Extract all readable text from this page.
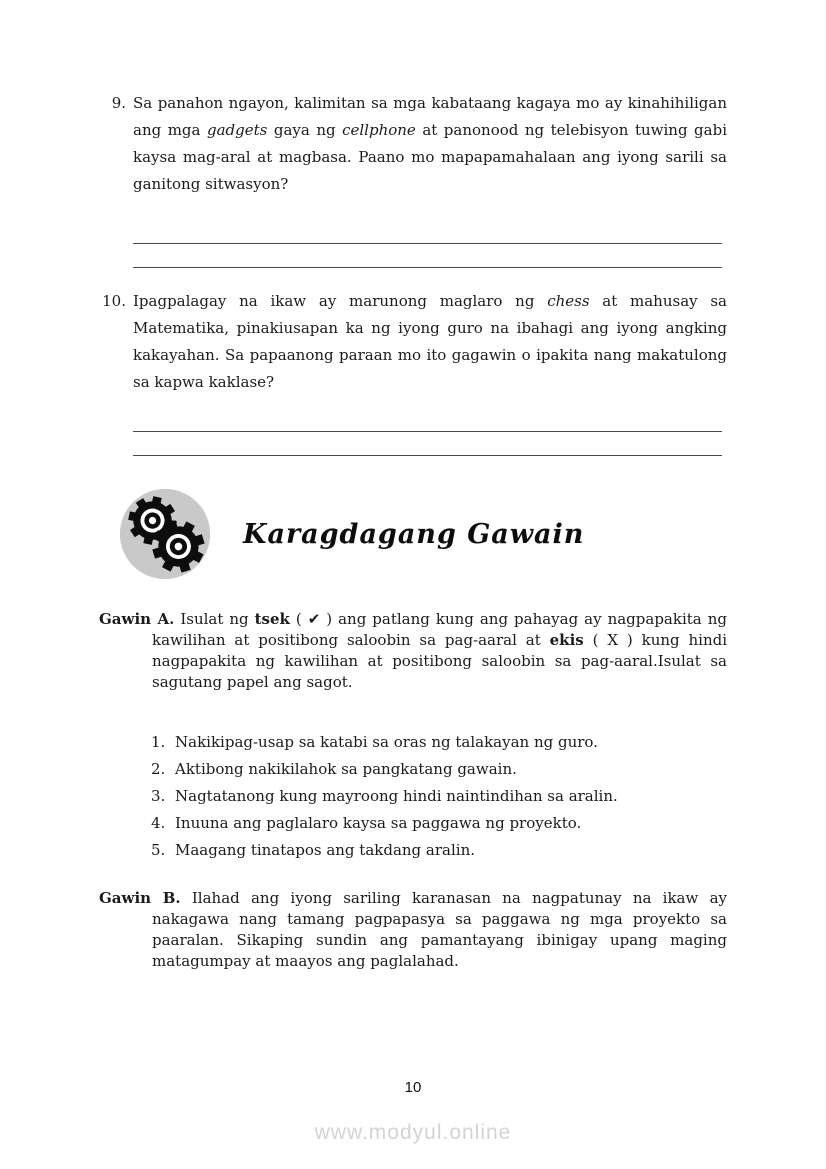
9. Sa panahon ngayon, kalimitan sa mga kabataang kagaya mo ay kinahihiligan ang mga gadgets gaya ng cellphone at panonood ng telebisyon tuwing gabi kaysa mag-aral at magbasa. Paano mo mapapamahalaan ang iyong sarili sa ganitong sitwasyon?
10. Ipagpalagay na ikaw ay marunong maglaro ng chess at mahusay sa Matematika, pinakiusapan ka ng iyong guro na ibahagi ang iyong angking kakayahan. Sa papaanong paraan mo ito gagawin o ipakita nang makatulong sa kapwa kaklase?
Karagdagang Gawain
Gawin A. Isulat ng tsek ( ✔ ) ang patlang kung ang pahayag ay nagpapakita ng kawilihan at positibong saloobin sa pag-aaral at ekis ( X ) kung hindi nagpapakita ng kawilihan at positibong saloobin sa pag-aaral.Isulat sa sagutang papel ang sagot.
1. Nakikipag-usap sa katabi sa oras ng talakayan ng guro.
2. Aktibong nakikilahok sa pangkatang gawain.
3. Nagtatanong kung mayroong hindi naintindihan sa aralin.
4. Inuuna ang paglalaro kaysa sa paggawa ng proyekto.
5. Maagang tinatapos ang takdang aralin.
Gawin B. Ilahad ang iyong sariling karanasan na nagpatunay na ikaw ay nakagawa nang tamang pagpapasya sa paggawa ng mga proyekto sa paaralan. Sikaping sundin ang pamantayang ibinigay upang maging matagumpay at maayos ang paglalahad.
10
www.modyul.online
